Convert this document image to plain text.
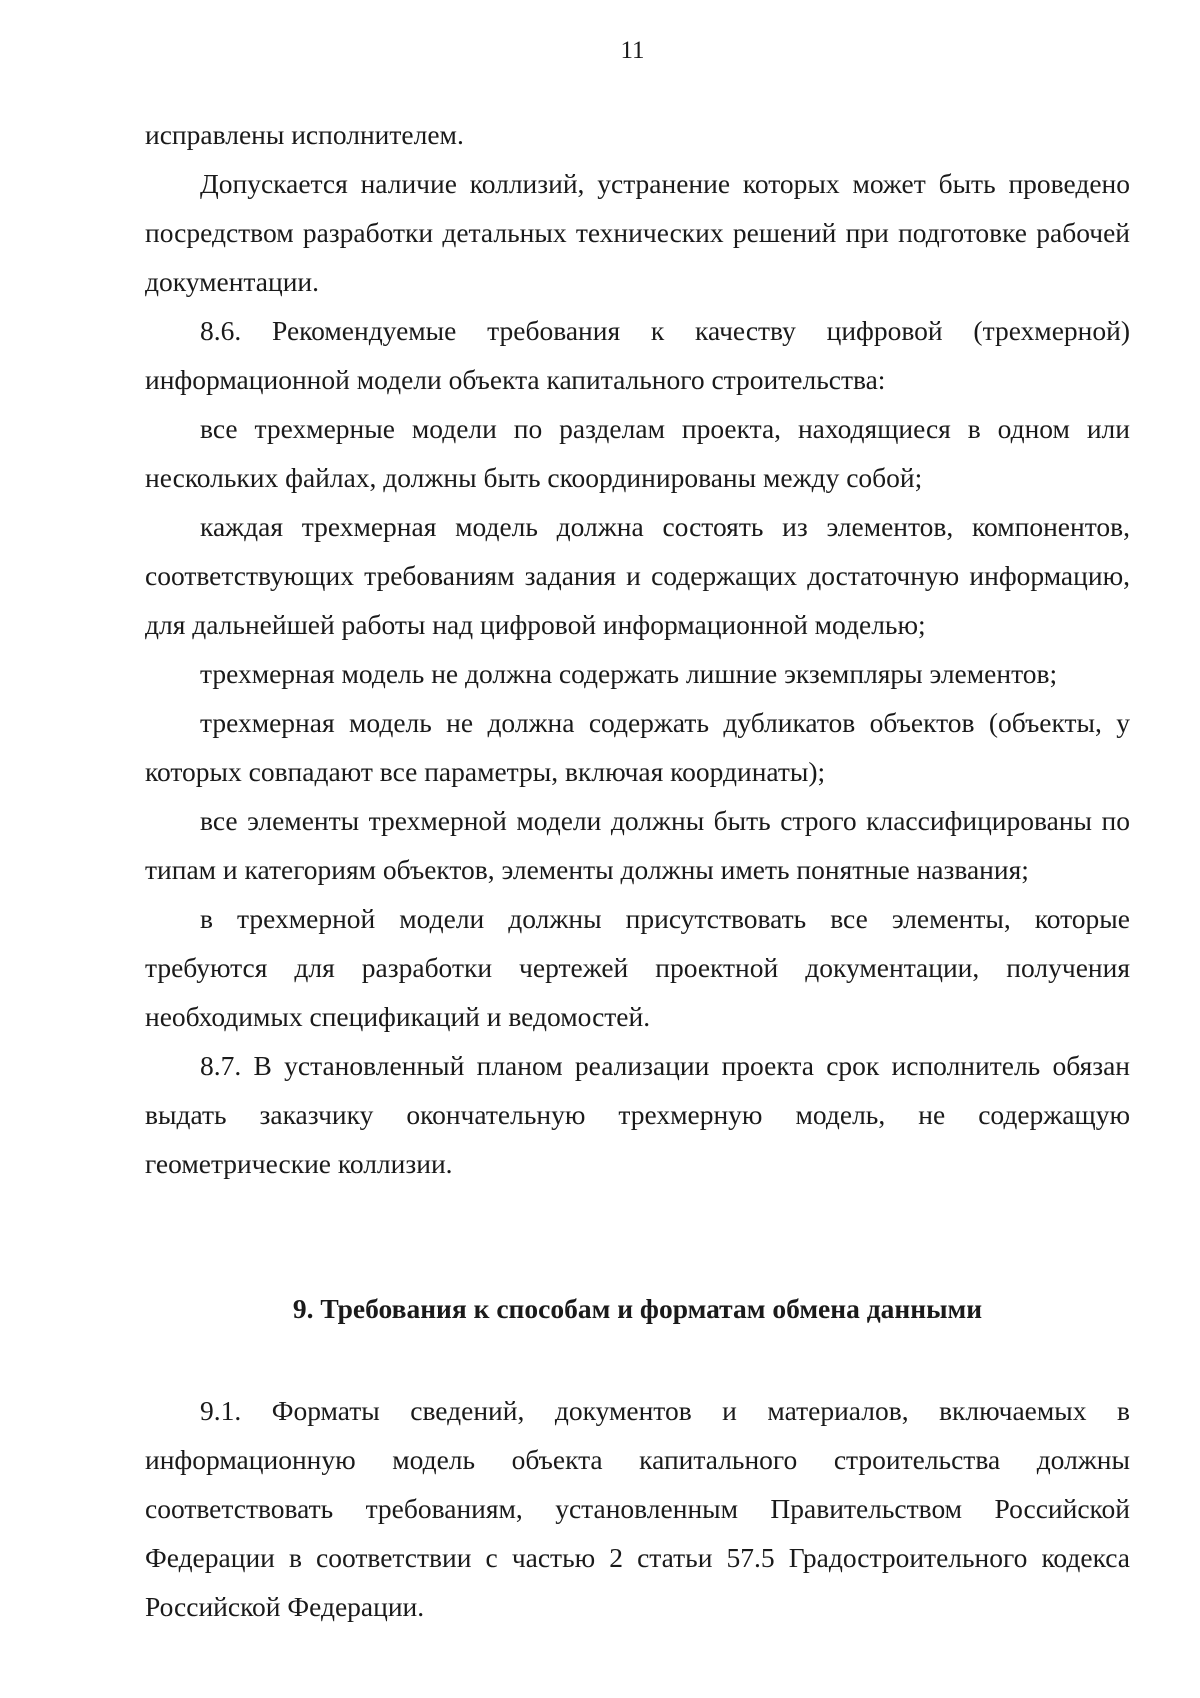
11

исправлены исполнителем.

Допускается наличие коллизий, устранение которых может быть проведено посредством разработки детальных технических решений при подготовке рабочей документации.

8.6. Рекомендуемые требования к качеству цифровой (трехмерной) информационной модели объекта капитального строительства:

все трехмерные модели по разделам проекта, находящиеся в одном или нескольких файлах, должны быть скоординированы между собой;

каждая трехмерная модель должна состоять из элементов, компонентов, соответствующих требованиям задания и содержащих достаточную информацию, для дальнейшей работы над цифровой информационной моделью;

трехмерная модель не должна содержать лишние экземпляры элементов;

трехмерная модель не должна содержать дубликатов объектов (объекты, у которых совпадают все параметры, включая координаты);

все элементы трехмерной модели должны быть строго классифицированы по типам и категориям объектов, элементы должны иметь понятные названия;

в трехмерной модели должны присутствовать все элементы, которые требуются для разработки чертежей проектной документации, получения необходимых спецификаций и ведомостей.

8.7. В установленный планом реализации проекта срок исполнитель обязан выдать заказчику окончательную трехмерную модель, не содержащую геометрические коллизии.

9. Требования к способам и форматам обмена данными

9.1. Форматы сведений, документов и материалов, включаемых в информационную модель объекта капитального строительства должны соответствовать требованиям, установленным Правительством Российской Федерации в соответствии с частью 2 статьи 57.5 Градостроительного кодекса Российской Федерации.
